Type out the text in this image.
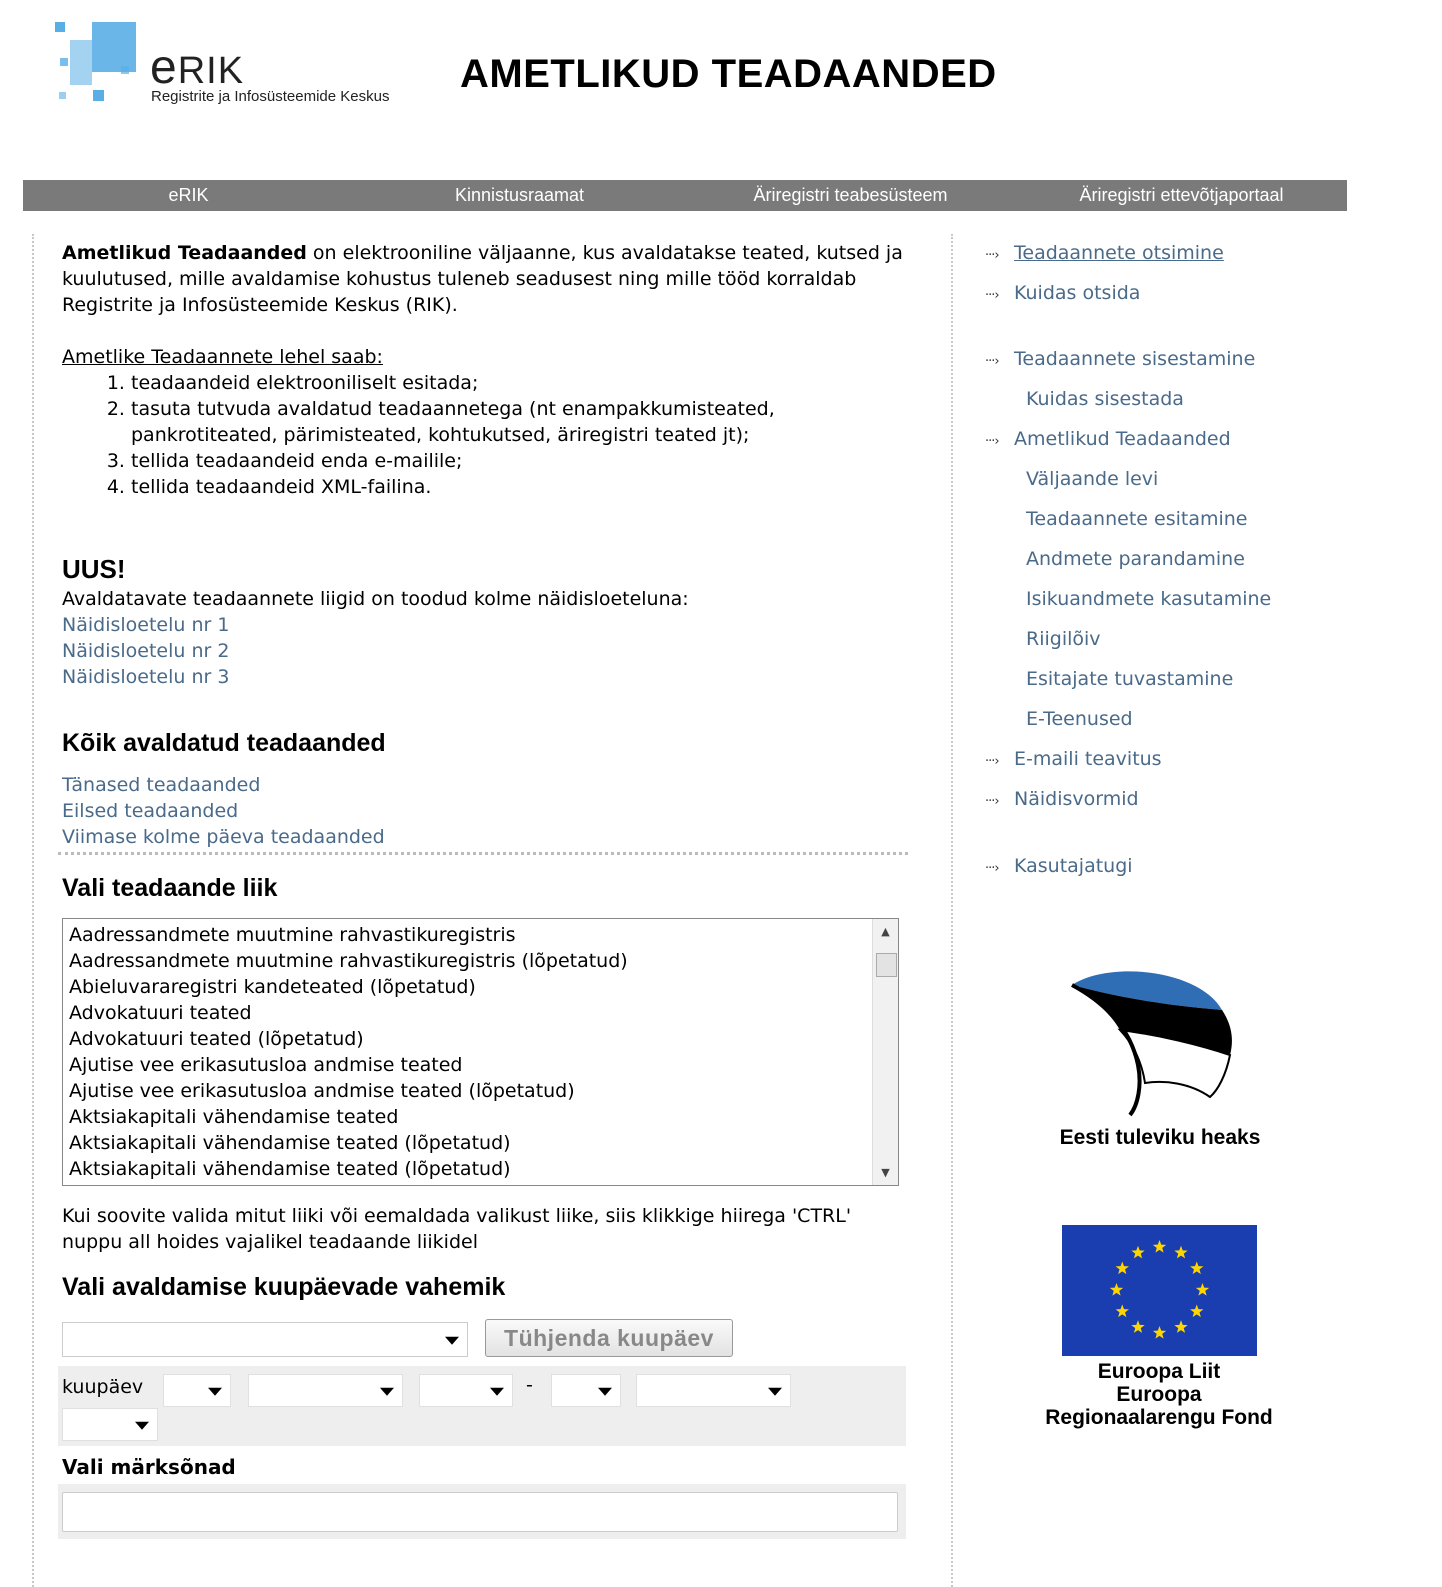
eRIK
Registrite ja Infosüsteemide Keskus
AMETLIKUD TEADAANDED
eRIK	Kinnistusraamat	Äriregistri teabesüsteem	Äriregistri ettevõtjaportaal

Ametlikud Teadaanded on elektrooniline väljaanne, kus avaldatakse teated, kutsed ja kuulutused, mille avaldamise kohustus tuleneb seadusest ning mille tööd korraldab Registrite ja Infosüsteemide Keskus (RIK).

Ametlike Teadaannete lehel saab:
1. teadaandeid elektrooniliselt esitada;
2. tasuta tutvuda avaldatud teadaannetega (nt enampakkumisteated, pankrotiteated, pärimisteated, kohtukutsed, äriregistri teated jt);
3. tellida teadaandeid enda e-mailile;
4. tellida teadaandeid XML-failina.
UUS!
Avaldatavate teadaannete liigid on toodud kolme näidisloeteluna:
Näidisloetelu nr 1
Näidisloetelu nr 2
Näidisloetelu nr 3
Kõik avaldatud teadaanded
Tänased teadaanded
Eilsed teadaanded
Viimase kolme päeva teadaanded
Vali teadaande liik
Aadressandmete muutmine rahvastikuregistris
Aadressandmete muutmine rahvastikuregistris (lõpetatud)
Abieluvararegistri kandeteated (lõpetatud)
Advokatuuri teated
Advokatuuri teated (lõpetatud)
Ajutise vee erikasutusloa andmise teated
Ajutise vee erikasutusloa andmise teated (lõpetatud)
Aktsiakapitali vähendamise teated
Aktsiakapitali vähendamise teated (lõpetatud)
Aktsiakapitali vähendamise teated (lõpetatud)
▲
▼
Kui soovite valida mitut liiki või eemaldada valikust liike, siis klikkige hiirega 'CTRL' nuppu all hoides vajalikel teadaande liikidel
Vali avaldamise kuupäevade vahemik
Tühjenda kuupäev
kuupäev	-
Vali märksõnad
···› Teadaannete otsimine
···› Kuidas otsida
···› Teadaannete sisestamine
Kuidas sisestada
···› Ametlikud Teadaanded
Väljaande levi
Teadaannete esitamine
Andmete parandamine
Isikuandmete kasutamine
Riigilõiv
Esitajate tuvastamine
E-Teenused
···› E-maili teavitus
···› Näidisvormid
···› Kasutajatugi
Eesti tuleviku heaks
Euroopa Liit
Euroopa
Regionaalarengu Fond
